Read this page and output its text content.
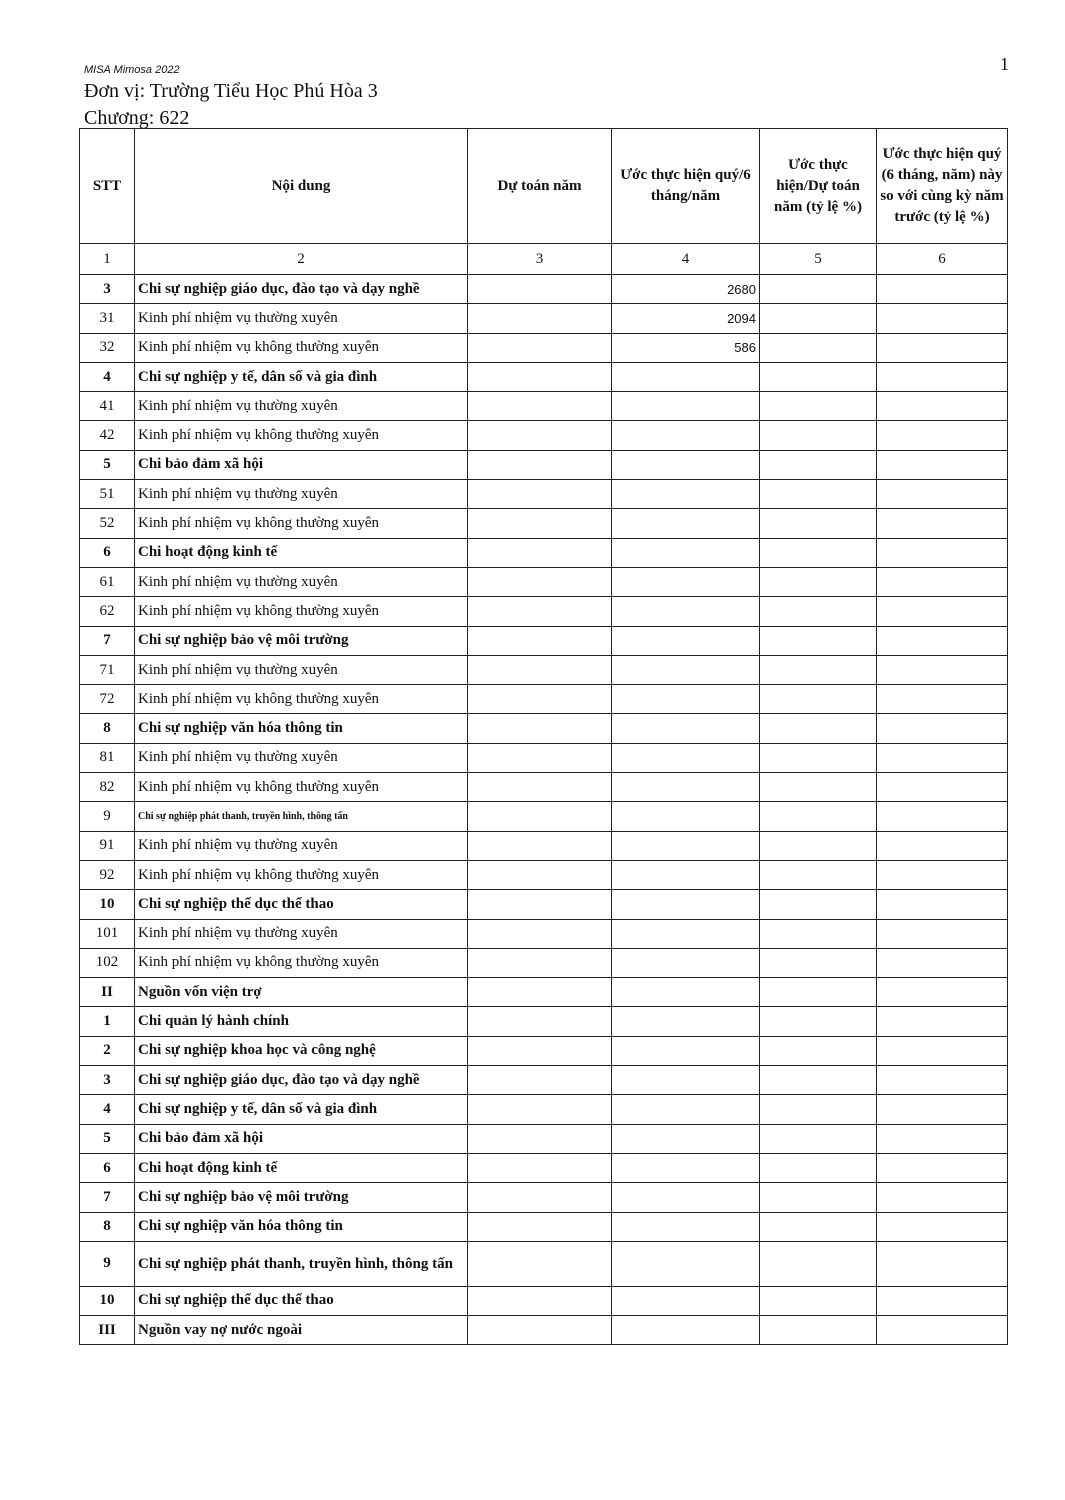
MISA Mimosa 2022
Đơn vị: Trường Tiểu Học Phú Hòa 3
Chương: 622
1
STT	Nội dung	Dự toán năm	Ước thực hiện quý/6 tháng/năm	Ước thực hiện/Dự toán năm (tỷ lệ %)	Ước thực hiện quý (6 tháng, năm) này so với cùng kỳ năm trước (tỷ lệ %)
1	2	3	4	5	6
3	Chi sự nghiệp giáo dục, đào tạo và dạy nghề		2680		
31	Kinh phí nhiệm vụ thường xuyên		2094		
32	Kinh phí nhiệm vụ không thường xuyên		586		
4	Chi sự nghiệp y tế, dân số và gia đình				
41	Kinh phí nhiệm vụ thường xuyên				
42	Kinh phí nhiệm vụ không thường xuyên				
5	Chi bảo đảm xã hội				
51	Kinh phí nhiệm vụ thường xuyên				
52	Kinh phí nhiệm vụ không thường xuyên				
6	Chi hoạt động kinh tế				
61	Kinh phí nhiệm vụ thường xuyên				
62	Kinh phí nhiệm vụ không thường xuyên				
7	Chi sự nghiệp bảo vệ môi trường				
71	Kinh phí nhiệm vụ thường xuyên				
72	Kinh phí nhiệm vụ không thường xuyên				
8	Chi sự nghiệp văn hóa thông tin				
81	Kinh phí nhiệm vụ thường xuyên				
82	Kinh phí nhiệm vụ không thường xuyên				
9	Chi sự nghiệp phát thanh, truyền hình, thông tấn				
91	Kinh phí nhiệm vụ thường xuyên				
92	Kinh phí nhiệm vụ không thường xuyên				
10	Chi sự nghiệp thể dục thể thao				
101	Kinh phí nhiệm vụ thường xuyên				
102	Kinh phí nhiệm vụ không thường xuyên				
II	Nguồn vốn viện trợ				
1	Chi quản lý hành chính				
2	Chi sự nghiệp khoa học và công nghệ				
3	Chi sự nghiệp giáo dục, đào tạo và dạy nghề				
4	Chi sự nghiệp y tế, dân số và gia đình				
5	Chi bảo đảm xã hội				
6	Chi hoạt động kinh tế				
7	Chi sự nghiệp bảo vệ môi trường				
8	Chi sự nghiệp văn hóa thông tin				
9	Chi sự nghiệp phát thanh, truyền hình, thông tấn				
10	Chi sự nghiệp thể dục thể thao				
III	Nguồn vay nợ nước ngoài				
